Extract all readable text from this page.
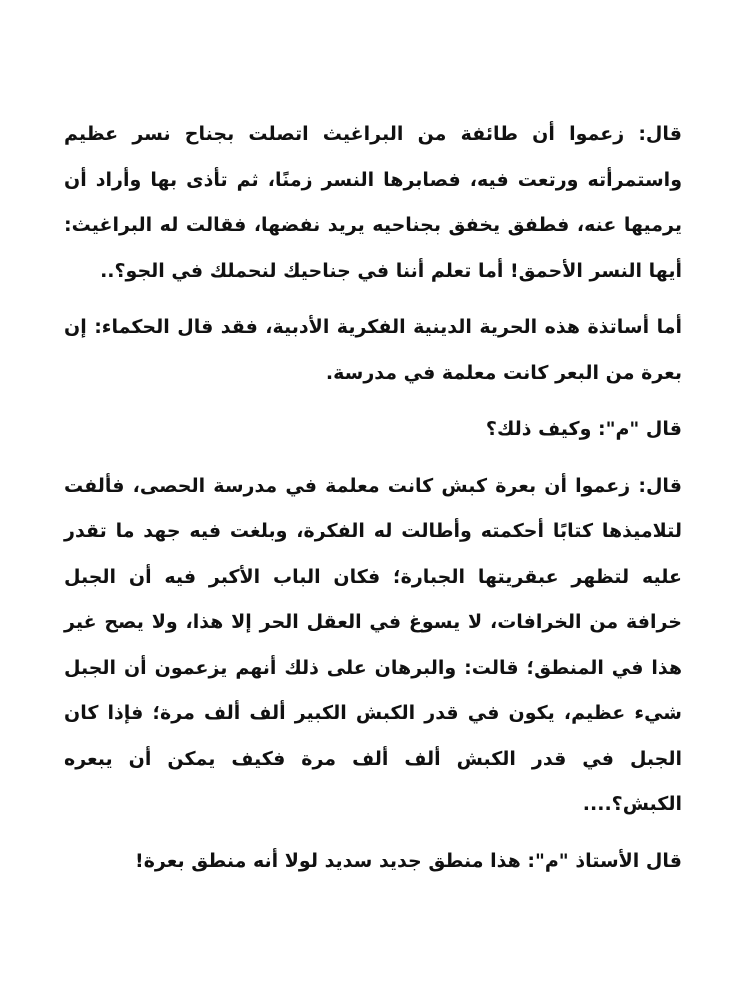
قال: زعموا أن طائفة من البراغيث اتصلت بجناح نسر عظيم واستمرأته ورتعت فيه، فصابرها النسر زمنًا، ثم تأذى بها وأراد أن يرميها عنه، فطفق يخفق بجناحيه يريد نفضها، فقالت له البراغيث: أيها النسر الأحمق! أما تعلم أننا في جناحيك لنحملك في الجو؟..

أما أساتذة هذه الحرية الدينية الفكرية الأدبية، فقد قال الحكماء: إن بعرة من البعر كانت معلمة في مدرسة.

قال "م": وكيف ذلك؟

قال: زعموا أن بعرة كبش كانت معلمة في مدرسة الحصى، فألفت لتلاميذها كتابًا أحكمته وأطالت له الفكرة، وبلغت فيه جهد ما تقدر عليه لتظهر عبقريتها الجبارة؛ فكان الباب الأكبر فيه أن الجبل خرافة من الخرافات، لا يسوغ في العقل الحر إلا هذا، ولا يصح غير هذا في المنطق؛ قالت: والبرهان على ذلك أنهم يزعمون أن الجبل شيء عظيم، يكون في قدر الكبش الكبير ألف ألف مرة؛ فإذا كان الجبل في قدر الكبش ألف ألف مرة فكيف يمكن أن يبعره الكبش؟....

قال الأستاذ "م": هذا منطق جديد سديد لولا أنه منطق بعرة!
